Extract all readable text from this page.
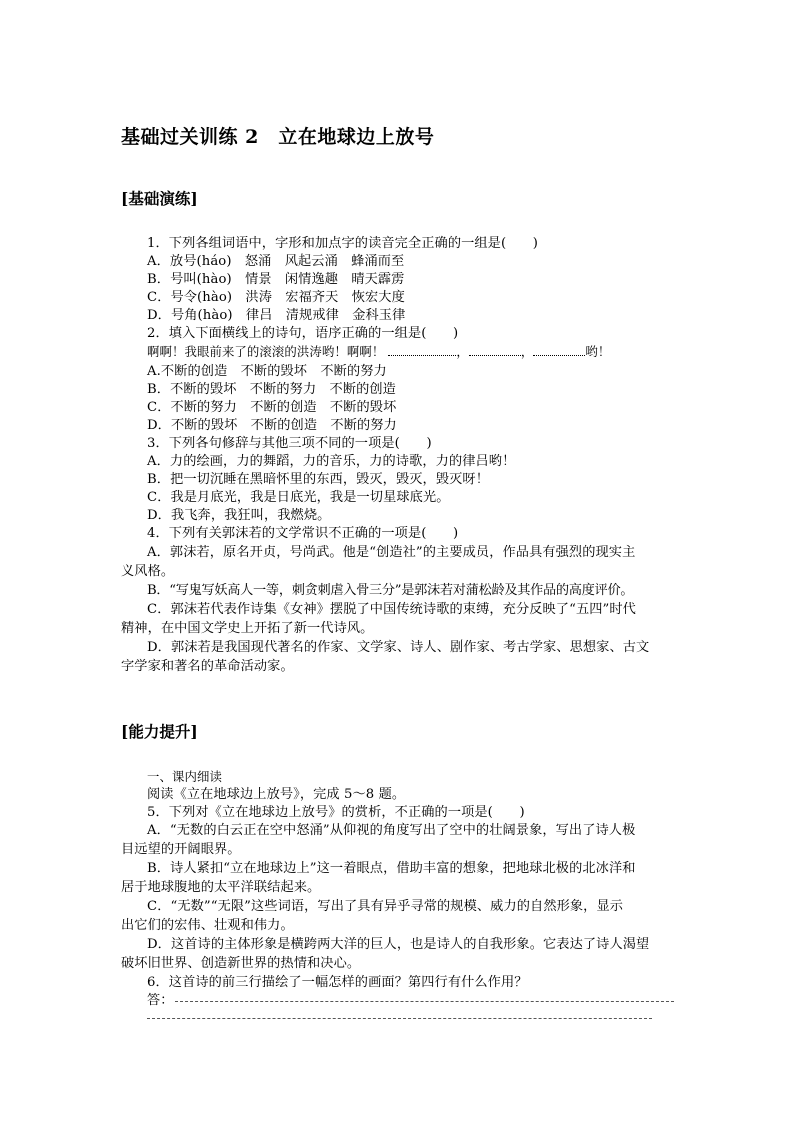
基础过关训练 2　立在地球边上放号
[基础演练]
1．下列各组词语中，字形和加点字的读音完全正确的一组是(　　)
A．放号(háo)　怒涌　风起云涌　蜂涌而至
B．号叫(hào)　情景　闲情逸趣　晴天霹雳
C．号令(hào)　洪涛　宏福齐天　恢宏大度
D．号角(hào)　律吕　清规戒律　金科玉律
2．填入下面横线上的诗句，语序正确的一组是(　　)
啊啊！我眼前来了的滚滚的洪涛哟！啊啊！	，	，	哟！
A.不断的创造　不断的毁坏　不断的努力
B．不断的毁坏　不断的努力　不断的创造
C．不断的努力　不断的创造　不断的毁坏
D．不断的毁坏　不断的创造　不断的努力
3．下列各句修辞与其他三项不同的一项是(　　)
A．力的绘画，力的舞蹈，力的音乐，力的诗歌，力的律吕哟！
B．把一切沉睡在黑暗怀里的东西，毁灭，毁灭，毁灭呀！
C．我是月底光，我是日底光，我是一切星球底光。
D．我飞奔，我狂叫，我燃烧。
4．下列有关郭沫若的文学常识不正确的一项是(　　)
A．郭沫若，原名开贞，号尚武。他是“创造社”的主要成员，作品具有强烈的现实主
义风格。
B．“写鬼写妖高人一等，刺贪刺虐入骨三分”是郭沫若对蒲松龄及其作品的高度评价。
C．郭沫若代表作诗集《女神》摆脱了中国传统诗歌的束缚，充分反映了“五四”时代
精神，在中国文学史上开拓了新一代诗风。
D．郭沫若是我国现代著名的作家、文学家、诗人、剧作家、考古学家、思想家、古文
字学家和著名的革命活动家。
[能力提升]
一、课内细读
阅读《立在地球边上放号》，完成 5～8 题。
5．下列对《立在地球边上放号》的赏析，不正确的一项是(　　)
A．“无数的白云正在空中怒涌”从仰视的角度写出了空中的壮阔景象，写出了诗人极
目远望的开阔眼界。
B．诗人紧扣“立在地球边上”这一着眼点，借助丰富的想象，把地球北极的北冰洋和
居于地球腹地的太平洋联结起来。
C．“无数”“无限”这些词语，写出了具有异乎寻常的规模、威力的自然形象，显示
出它们的宏伟、壮观和伟力。
D．这首诗的主体形象是横跨两大洋的巨人，也是诗人的自我形象。它表达了诗人渴望
破坏旧世界、创造新世界的热情和决心。
6．这首诗的前三行描绘了一幅怎样的画面？第四行有什么作用？
答：
